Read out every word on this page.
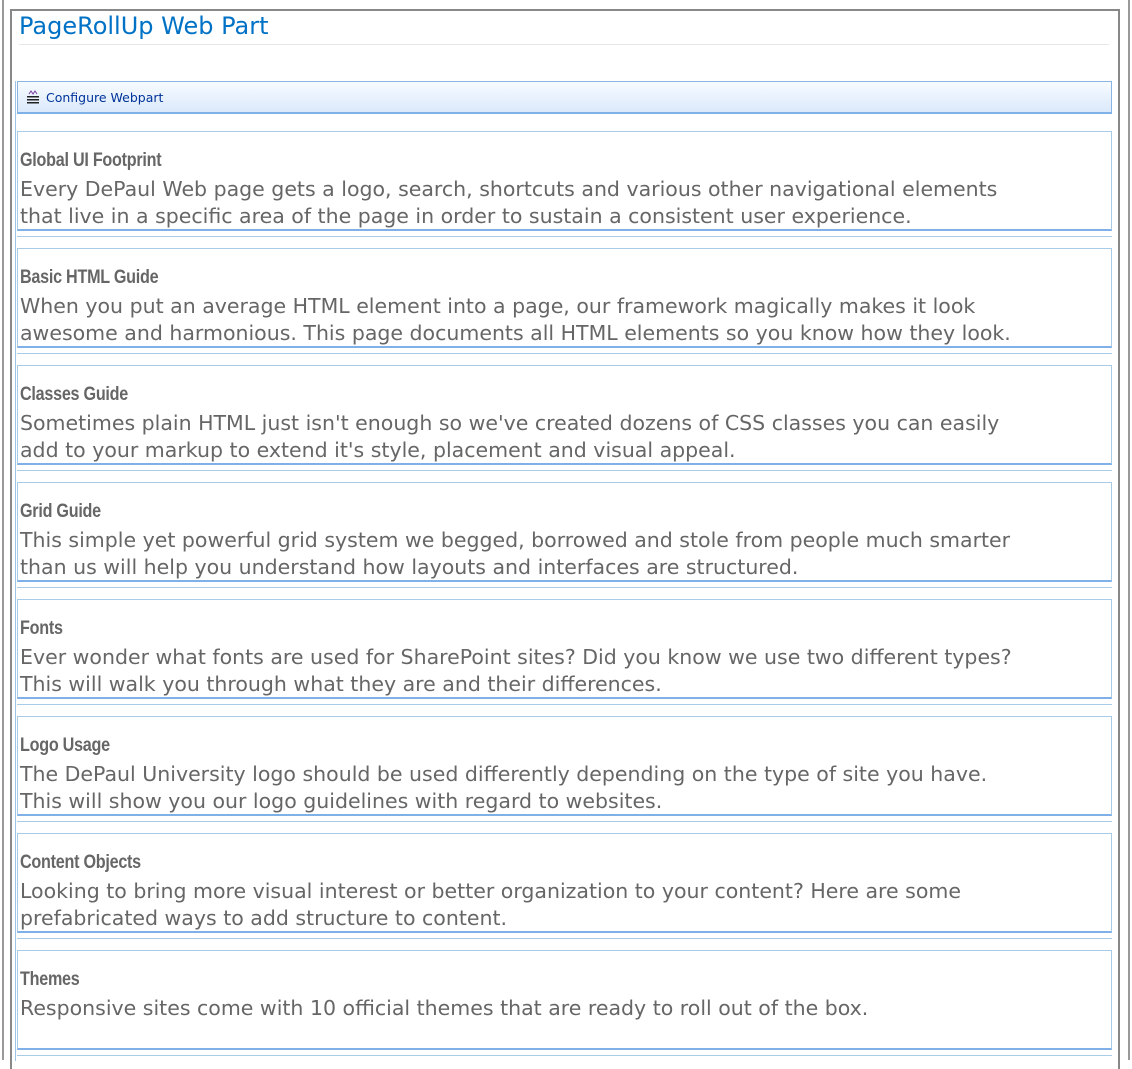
PageRollUp Web Part
Configure Webpart
Global UI Footprint
Every DePaul Web page gets a logo, search, shortcuts and various other navigational elements
that live in a specific area of the page in order to sustain a consistent user experience.
Basic HTML Guide
When you put an average HTML element into a page, our framework magically makes it look
awesome and harmonious. This page documents all HTML elements so you know how they look.
Classes Guide
Sometimes plain HTML just isn't enough so we've created dozens of CSS classes you can easily
add to your markup to extend it's style, placement and visual appeal.
Grid Guide
This simple yet powerful grid system we begged, borrowed and stole from people much smarter
than us will help you understand how layouts and interfaces are structured.
Fonts
Ever wonder what fonts are used for SharePoint sites? Did you know we use two different types?
This will walk you through what they are and their differences.
Logo Usage
The DePaul University logo should be used differently depending on the type of site you have.
This will show you our logo guidelines with regard to websites.
Content Objects
Looking to bring more visual interest or better organization to your content? Here are some
prefabricated ways to add structure to content.
Themes
Responsive sites come with 10 official themes that are ready to roll out of the box.
